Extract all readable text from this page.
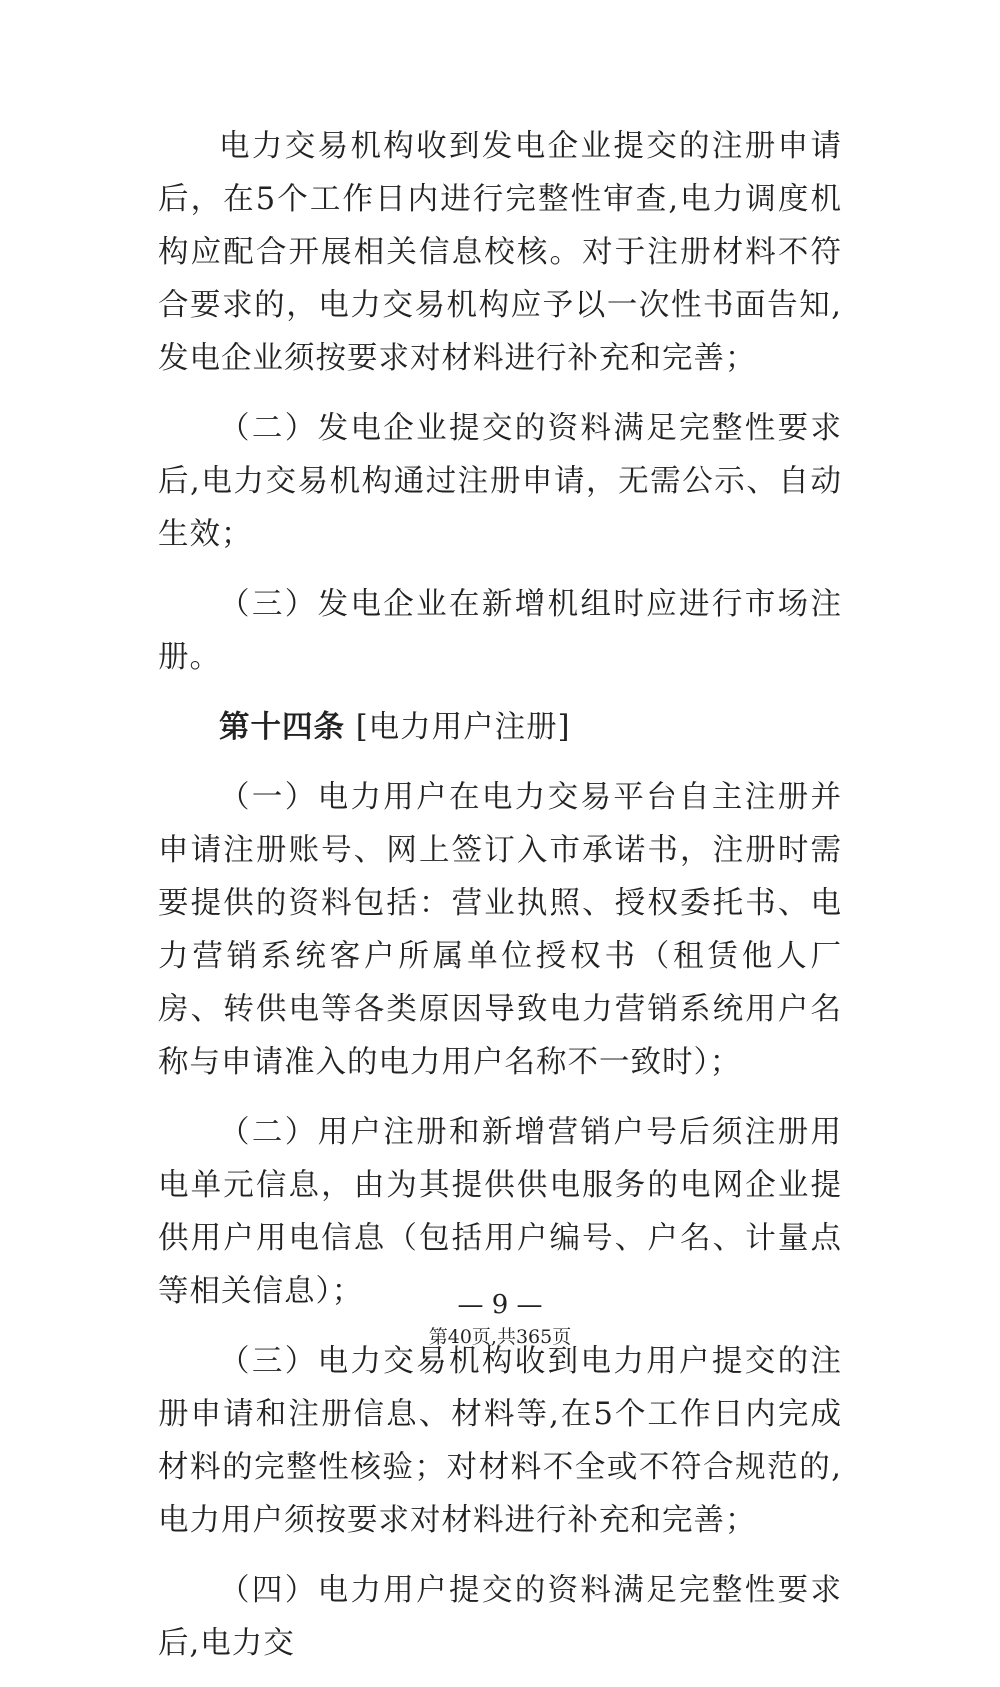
电力交易机构收到发电企业提交的注册申请后，在5个工作日内进行完整性审查,电力调度机构应配合开展相关信息校核。对于注册材料不符合要求的，电力交易机构应予以一次性书面告知,发电企业须按要求对材料进行补充和完善；

（二）发电企业提交的资料满足完整性要求后,电力交易机构通过注册申请，无需公示、自动生效；

（三）发电企业在新增机组时应进行市场注册。

第十四条 [电力用户注册]

（一）电力用户在电力交易平台自主注册并申请注册账号、网上签订入市承诺书，注册时需要提供的资料包括：营业执照、授权委托书、电力营销系统客户所属单位授权书（租赁他人厂房、转供电等各类原因导致电力营销系统用户名称与申请准入的电力用户名称不一致时）；

（二）用户注册和新增营销户号后须注册用电单元信息，由为其提供供电服务的电网企业提供用户用电信息（包括用户编号、户名、计量点等相关信息）；

（三）电力交易机构收到电力用户提交的注册申请和注册信息、材料等,在5个工作日内完成材料的完整性核验；对材料不全或不符合规范的,电力用户须按要求对材料进行补充和完善；

（四）电力用户提交的资料满足完整性要求后,电力交

— 9 —
第40页,共365页
